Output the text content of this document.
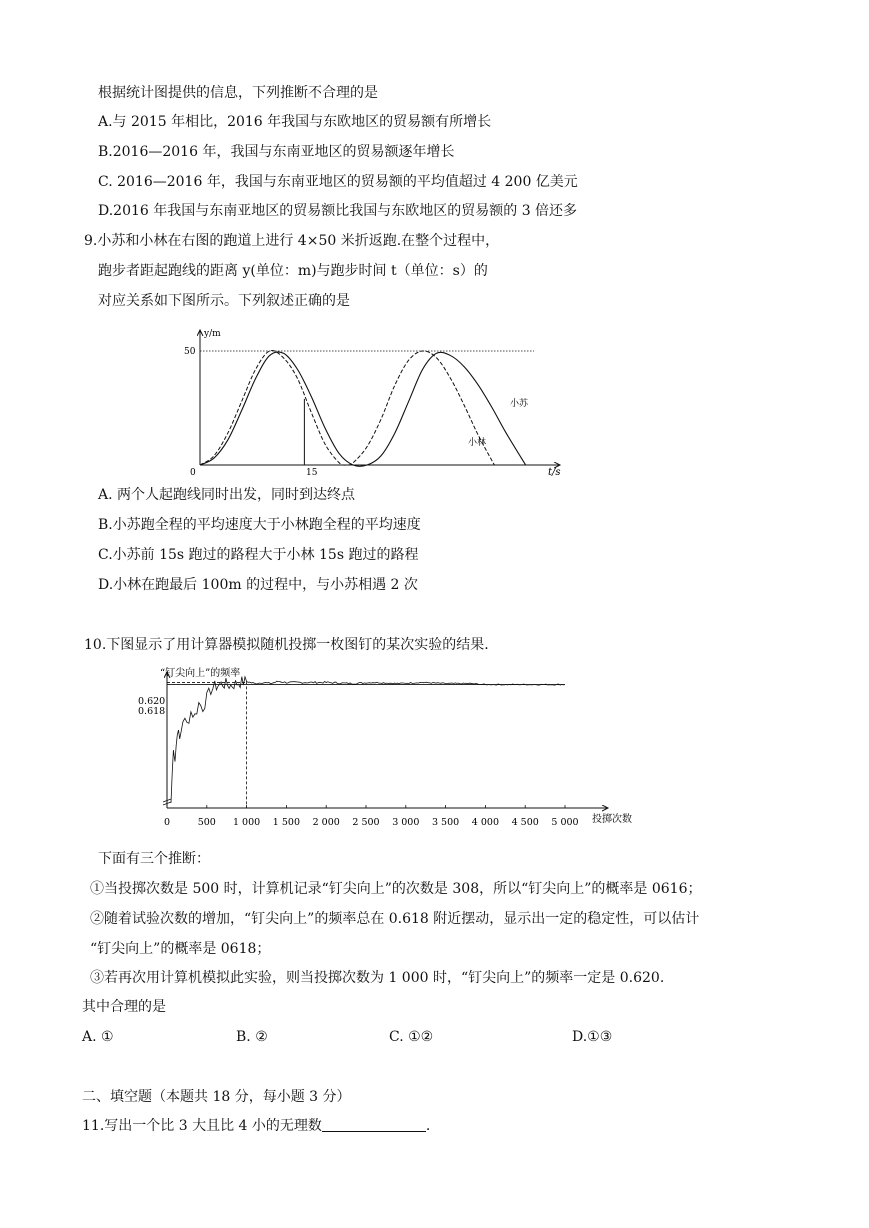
根据统计图提供的信息，下列推断不合理的是
A.与 2015 年相比，2016 年我国与东欧地区的贸易额有所增长
B.2016—2016 年，我国与东南亚地区的贸易额逐年增长
C. 2016—2016 年，我国与东南亚地区的贸易额的平均值超过 4 200 亿美元
D.2016 年我国与东南亚地区的贸易额比我国与东欧地区的贸易额的 3 倍还多
9.小苏和小林在右图的跑道上进行 4×50 米折返跑.在整个过程中，
跑步者距起跑线的距离 y(单位：m)与跑步时间 t（单位：s）的
对应关系如下图所示。下列叙述正确的是
y/m
t/s
50
0	15
小苏
小林
A. 两个人起跑线同时出发，同时到达终点
B.小苏跑全程的平均速度大于小林跑全程的平均速度
C.小苏前 15s 跑过的路程大于小林 15s 跑过的路程
D.小林在跑最后 100m 的过程中，与小苏相遇 2 次
10.下图显示了用计算器模拟随机投掷一枚图钉的某次实验的结果.
“钉尖向上”的频率
投掷次数
0.620
0.618
0	500 1 000 1 500 2 000 2 500 3 000 3 500 4 000 4 500 5 000
下面有三个推断：
①当投掷次数是 500 时，计算机记录“钉尖向上”的次数是 308，所以“钉尖向上”的概率是 0616；
②随着试验次数的增加，“钉尖向上”的频率总在 0.618 附近摆动，显示出一定的稳定性，可以估计
“钉尖向上”的概率是 0618；
③若再次用计算机模拟此实验，则当投掷次数为 1 000 时，“钉尖向上”的频率一定是 0.620.
其中合理的是
A. ①	B. ②	C. ①②	D.①③
二、填空题（本题共 18 分，每小题 3 分）
11.写出一个比 3 大且比 4 小的无理数	.
